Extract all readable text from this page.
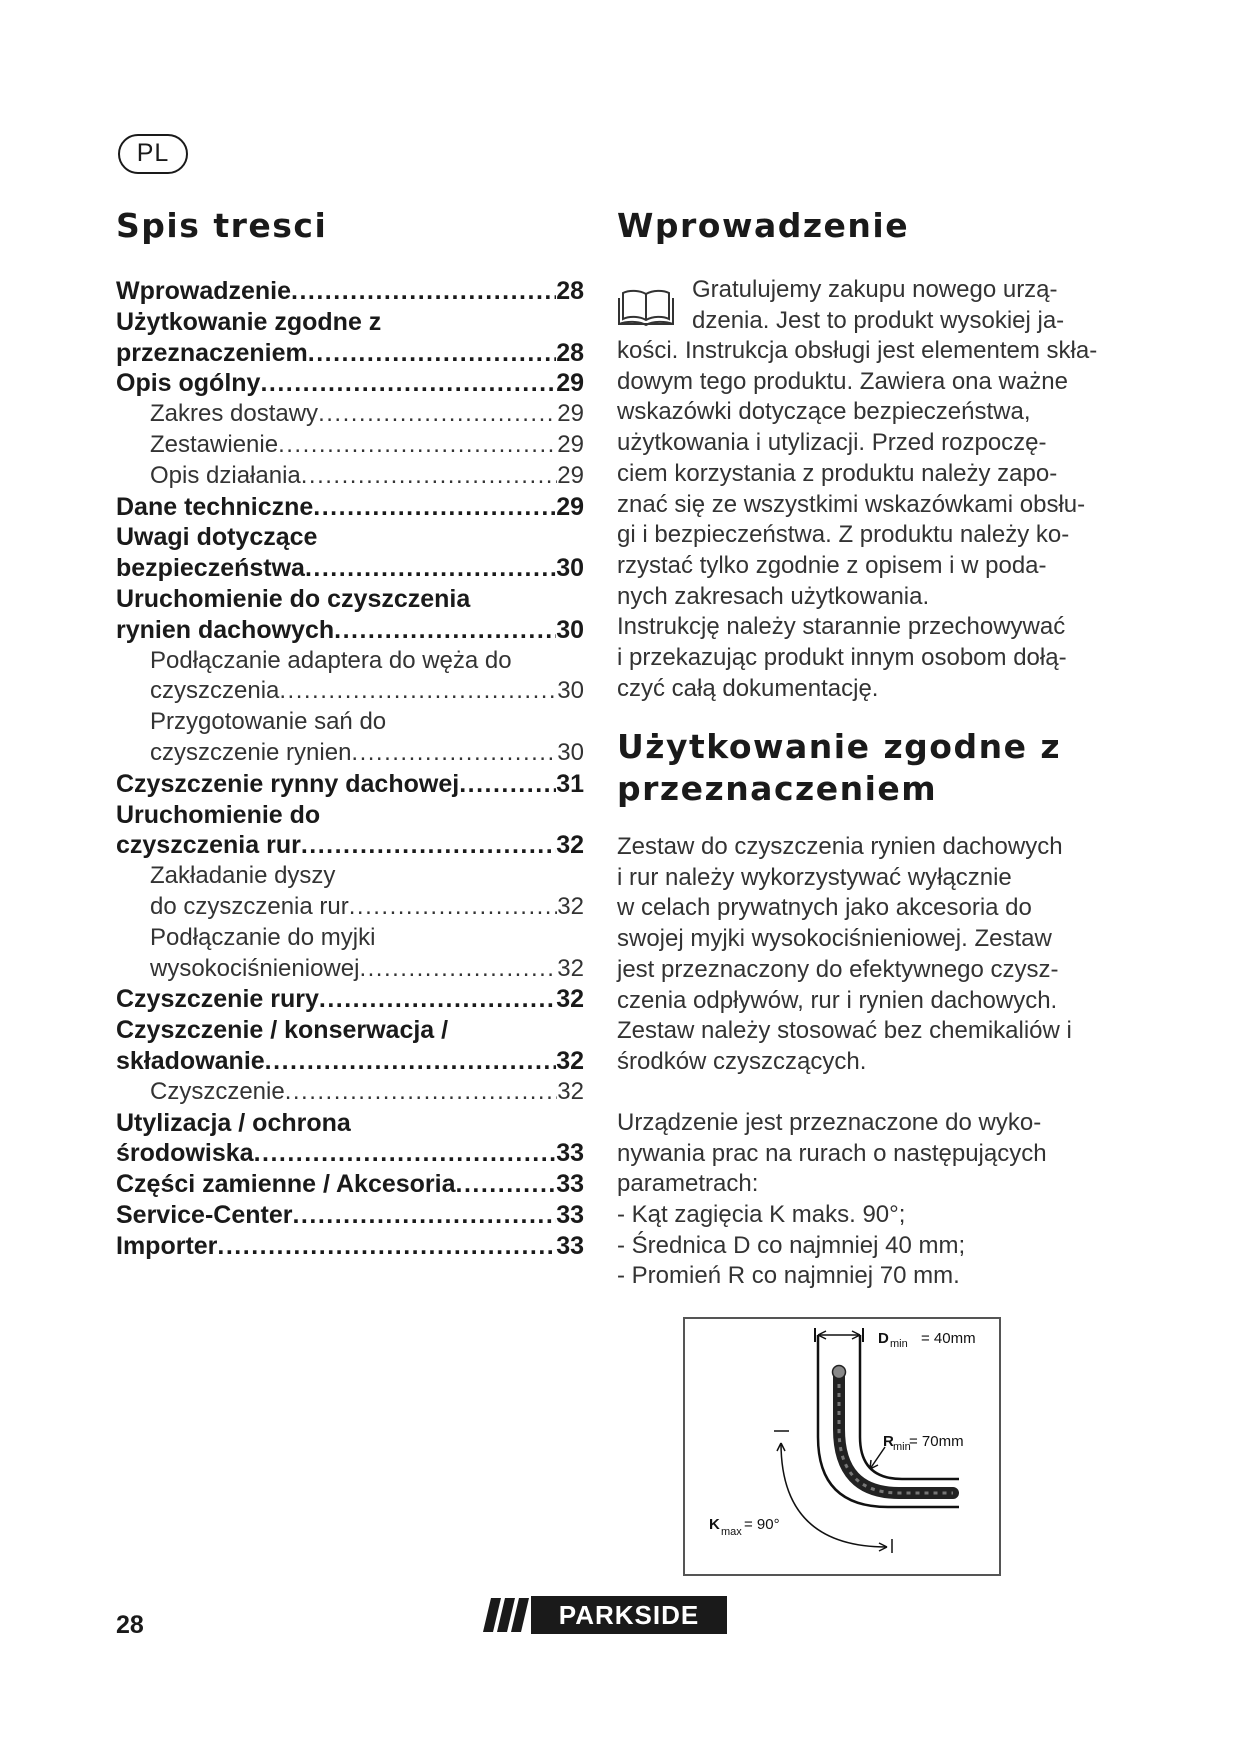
PL
Spis tresci
Wprowadzenie .....	28
Użytkowanie zgodne z
przeznaczeniem .....	28
Opis ogólny .....	29
Zakres dostawy .....	29
Zestawienie .....	29
Opis działania .....	29
Dane techniczne .....	29
Uwagi dotyczące
bezpieczeństwa .....	30
Uruchomienie do czyszczenia
rynien dachowych .....	30
Podłączanie adaptera do węża do
czyszczenia .....	30
Przygotowanie sań do
czyszczenie rynien .....	30
Czyszczenie rynny dachowej .....	31
Uruchomienie do
czyszczenia rur .....	32
Zakładanie dyszy
do czyszczenia rur .....	32
Podłączanie do myjki
wysokociśnieniowej .....	32
Czyszczenie rury .....	32
Czyszczenie / konserwacja /
składowanie .....	32
Czyszczenie .....	32
Utylizacja / ochrona
środowiska .....	33
Części zamienne / Akcesoria .....	33
Service-Center .....	33
Importer .....	33
Wprowadzenie

Gratulujemy zakupu nowego urzą-

dzenia. Jest to produkt wysokiej ja-

kości. Instrukcja obsługi jest elementem skła-

dowym tego produktu. Zawiera ona ważne

wskazówki dotyczące bezpieczeństwa,

użytkowania i utylizacji. Przed rozpoczę-

ciem korzystania z produktu należy zapo-

znać się ze wszystkimi wskazówkami obsłu-

gi i bezpieczeństwa. Z produktu należy ko-

rzystać tylko zgodnie z opisem i w poda-

nych zakresach użytkowania.

Instrukcję należy starannie przechowywać

i przekazując produkt innym osobom dołą-

czyć całą dokumentację.

Użytkowanie zgodne z
przeznaczeniem

Zestaw do czyszczenia rynien dachowych

i rur należy wykorzystywać wyłącznie

w celach prywatnych jako akcesoria do

swojej myjki wysokociśnieniowej. Zestaw

jest przeznaczony do efektywnego czysz-

czenia odpływów, rur i rynien dachowych.

Zestaw należy stosować bez chemikaliów i

środków czyszczących.

Urządzenie jest przeznaczone do wyko-

nywania prac na rurach o następujących

parametrach:

- Kąt zagięcia K maks. 90°;
- Średnica D co najmniej 40 mm;
- Promień R co najmniej 70 mm.
D min = 40mm
R min
= 70mm
K max = 90°
28	PARKSIDE
